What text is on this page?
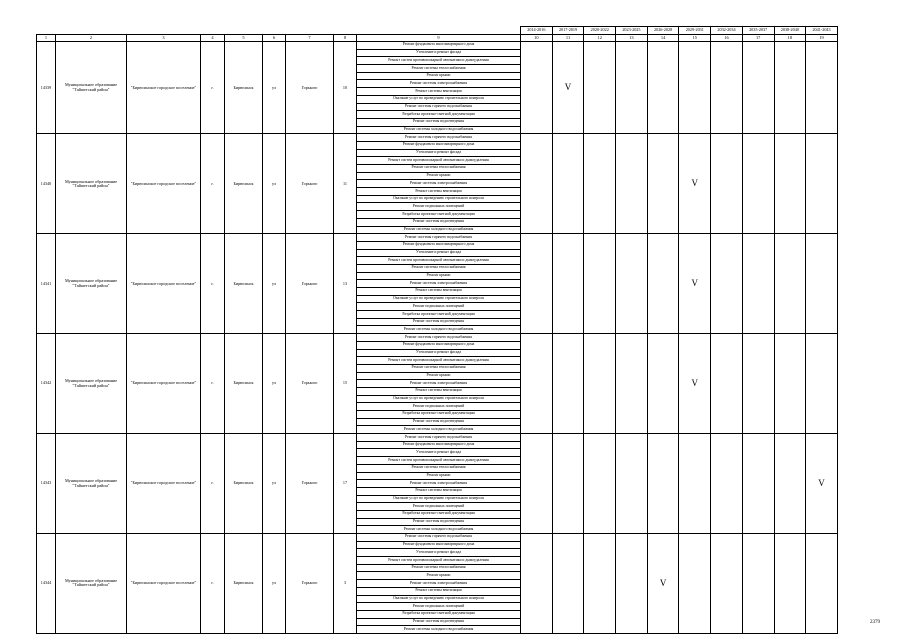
									2014-2016	2017-2019	2020-2022	2023-2025	2026-2028	2029-2031	2032-2034	2035-2037	2038-2040	2041-2043
1	2	3	4	5	6	7	8	9	10	11	12	13	14	15	16	17	18	19
14339	Муниципальное образование "Тайшетский район"	"Бирюсинское городское поселение"	г.	Бирюсинск	ул	Горького	10	Ремонт фундамента многоквартирного дома		V								
								Утепление и ремонт фасада										
								Ремонт систем противопожарной автоматики и дымоудаления										
								Ремонт системы теплоснабжения										
								Ремонт крыши										
								Ремонт системы электроснабжения										
								Ремонт системы вентиляции										
								Оказание услуг по проведению строительного контроля										
								Ремонт системы горячего водоснабжения										
								Разработка проектно-сметной документации										
								Ремонт системы водоотведения										
								Ремонт системы холодного водоснабжения										
14340	Муниципальное образование "Тайшетский район"	"Бирюсинское городское поселение"	г.	Бирюсинск	ул	Горького	11	Ремонт системы горячего водоснабжения						V				
								Ремонт фундамента многоквартирного дома										
								Утепление и ремонт фасада										
								Ремонт систем противопожарной автоматики и дымоудаления										
								Ремонт системы теплоснабжения										
								Ремонт крыши										
								Ремонт системы электроснабжения										
								Ремонт системы вентиляции										
								Оказание услуг по проведению строительного контроля										
								Ремонт подвальных помещений										
								Разработка проектно-сметной документации										
								Ремонт системы водоотведения										
								Ремонт системы холодного водоснабжения										
14341	Муниципальное образование "Тайшетский район"	"Бирюсинское городское поселение"	г.	Бирюсинск	ул	Горького	13	Ремонт системы горячего водоснабжения						V				
								Ремонт фундамента многоквартирного дома										
								Утепление и ремонт фасада										
								Ремонт систем противопожарной автоматики и дымоудаления										
								Ремонт системы теплоснабжения										
								Ремонт крыши										
								Ремонт системы электроснабжения										
								Ремонт системы вентиляции										
								Оказание услуг по проведению строительного контроля										
								Ремонт подвальных помещений										
								Разработка проектно-сметной документации										
								Ремонт системы водоотведения										
								Ремонт системы холодного водоснабжения										
14342	Муниципальное образование "Тайшетский район"	"Бирюсинское городское поселение"	г.	Бирюсинск	ул	Горького	15	Ремонт системы горячего водоснабжения						V				
								Ремонт фундамента многоквартирного дома										
								Утепление и ремонт фасада										
								Ремонт систем противопожарной автоматики и дымоудаления										
								Ремонт системы теплоснабжения										
								Ремонт крыши										
								Ремонт системы электроснабжения										
								Ремонт системы вентиляции										
								Оказание услуг по проведению строительного контроля										
								Ремонт подвальных помещений										
								Разработка проектно-сметной документации										
								Ремонт системы водоотведения										
								Ремонт системы холодного водоснабжения										
14343	Муниципальное образование "Тайшетский район"	"Бирюсинское городское поселение"	г.	Бирюсинск	ул	Горького	17	Ремонт системы горячего водоснабжения										V
								Ремонт фундамента многоквартирного дома										
								Утепление и ремонт фасада										
								Ремонт систем противопожарной автоматики и дымоудаления										
								Ремонт системы теплоснабжения										
								Ремонт крыши										
								Ремонт системы электроснабжения										
								Ремонт системы вентиляции										
								Оказание услуг по проведению строительного контроля										
								Ремонт подвальных помещений										
								Разработка проектно-сметной документации										
								Ремонт системы водоотведения										
								Ремонт системы холодного водоснабжения										
14344	Муниципальное образование "Тайшетский район"	"Бирюсинское городское поселение"	г.	Бирюсинск	ул	Горького	3	Ремонт системы горячего водоснабжения					V					
								Ремонт фундамента многоквартирного дома										
								Утепление и ремонт фасада										
								Ремонт систем противопожарной автоматики и дымоудаления										
								Ремонт системы теплоснабжения										
								Ремонт крыши										
								Ремонт системы электроснабжения										
								Ремонт системы вентиляции										
								Оказание услуг по проведению строительного контроля										
								Ремонт подвальных помещений										
								Разработка проектно-сметной документации										
								Ремонт системы водоотведения										
								Ремонт системы холодного водоснабжения										
2379
